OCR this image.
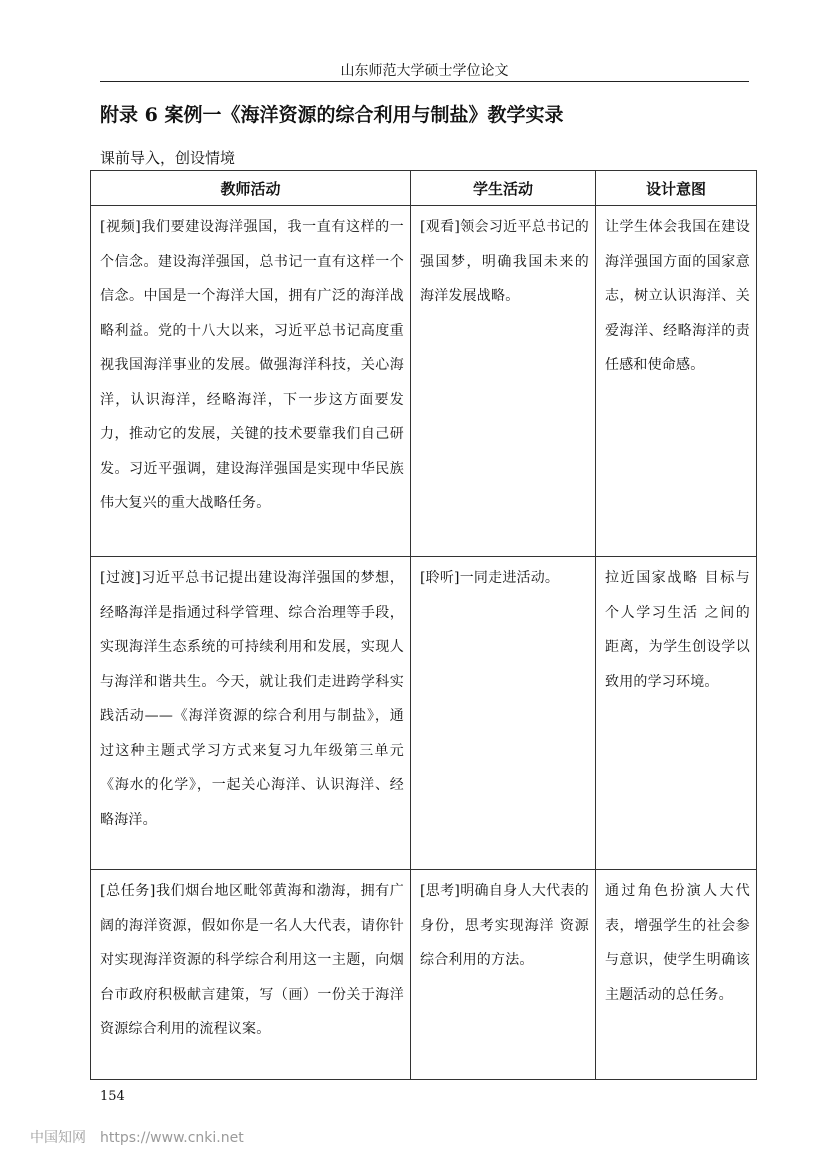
山东师范大学硕士学位论文
附录 6 案例一《海洋资源的综合利用与制盐》教学实录
课前导入，创设情境
教师活动	学生活动	设计意图
[视频]我们要建设海洋强国，我一直有这样的一个信念。建设海洋强国，总书记一直有这样一个信念。中国是一个海洋大国，拥有广泛的海洋战略利益。党的十八大以来，习近平总书记高度重视我国海洋事业的发展。做强海洋科技，关心海洋，认识海洋，经略海洋，下一步这方面要发力，推动它的发展，关键的技术要靠我们自己研发。习近平强调，建设海洋强国是实现中华民族伟大复兴的重大战略任务。	[观看]领会习近平总书记的强国梦，明确我国未来的海洋发展战略。	让学生体会我国在建设海洋强国方面的国家意志，树立认识海洋、关爱海洋、经略海洋的责任感和使命感。
[过渡]习近平总书记提出建设海洋强国的梦想，经略海洋是指通过科学管理、综合治理等手段，实现海洋生态系统的可持续利用和发展，实现人与海洋和谐共生。今天，就让我们走进跨学科实践活动——《海洋资源的综合利用与制盐》，通过这种主题式学习方式来复习九年级第三单元《海水的化学》，一起关心海洋、认识海洋、经略海洋。	[聆听]一同走进活动。	拉近国家战略 目标与个人学习生活 之间的距离，为学生创设学以致用的学习环境。
[总任务]我们烟台地区毗邻黄海和渤海，拥有广阔的海洋资源，假如你是一名人大代表，请你针对实现海洋资源的科学综合利用这一主题，向烟台市政府积极献言建策，写（画）一份关于海洋资源综合利用的流程议案。	[思考]明确自身人大代表的身份，思考实现海洋 资源 综合利用的方法。	通过角色扮演人大代表，增强学生的社会参与意识，使学生明确该主题活动的总任务。
154
中国知网 https://www.cnki.net
